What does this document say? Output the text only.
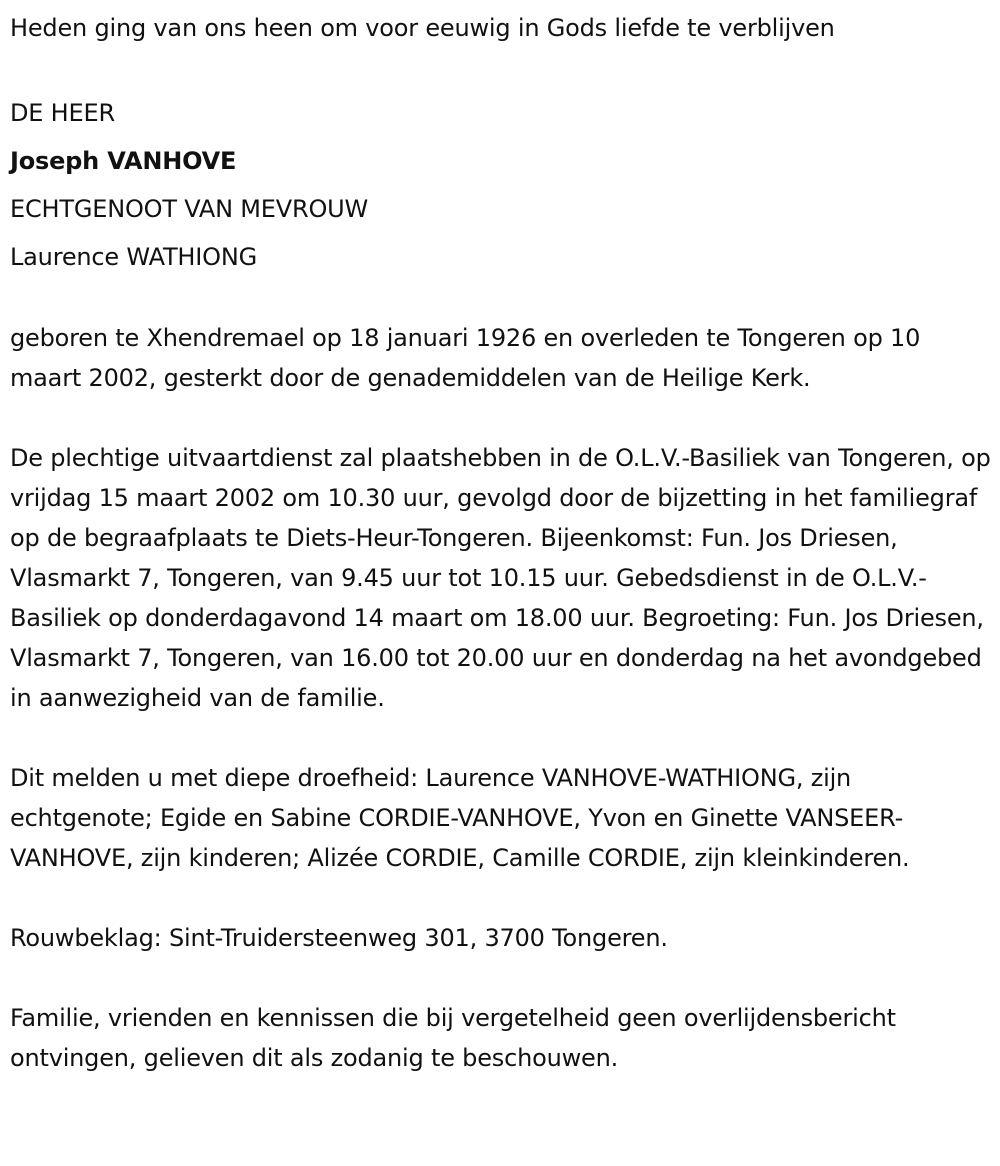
Heden ging van ons heen om voor eeuwig in Gods liefde te verblijven

DE HEER

Joseph VANHOVE

ECHTGENOOT VAN MEVROUW

Laurence WATHIONG

geboren te Xhendremael op 18 januari 1926 en overleden te Tongeren op 10 maart 2002, gesterkt door de genademiddelen van de Heilige Kerk.

De plechtige uitvaartdienst zal plaatshebben in de O.L.V.-Basiliek van Tongeren, op vrijdag 15 maart 2002 om 10.30 uur, gevolgd door de bijzetting in het familiegraf op de begraafplaats te Diets-Heur-Tongeren. Bijeenkomst: Fun. Jos Driesen, Vlasmarkt 7, Tongeren, van 9.45 uur tot 10.15 uur. Gebedsdienst in de O.L.V.-Basiliek op donderdagavond 14 maart om 18.00 uur. Begroeting: Fun. Jos Driesen, Vlasmarkt 7, Tongeren, van 16.00 tot 20.00 uur en donderdag na het avondgebed in aanwezigheid van de familie.

Dit melden u met diepe droefheid: Laurence VANHOVE-WATHIONG, zijn echtgenote; Egide en Sabine CORDIE-VANHOVE, Yvon en Ginette VANSEER-VANHOVE, zijn kinderen; Alizée CORDIE, Camille CORDIE, zijn kleinkinderen.

Rouwbeklag: Sint-Truidersteenweg 301, 3700 Tongeren.

Familie, vrienden en kennissen die bij vergetelheid geen overlijdensbericht ontvingen, gelieven dit als zodanig te beschouwen.
